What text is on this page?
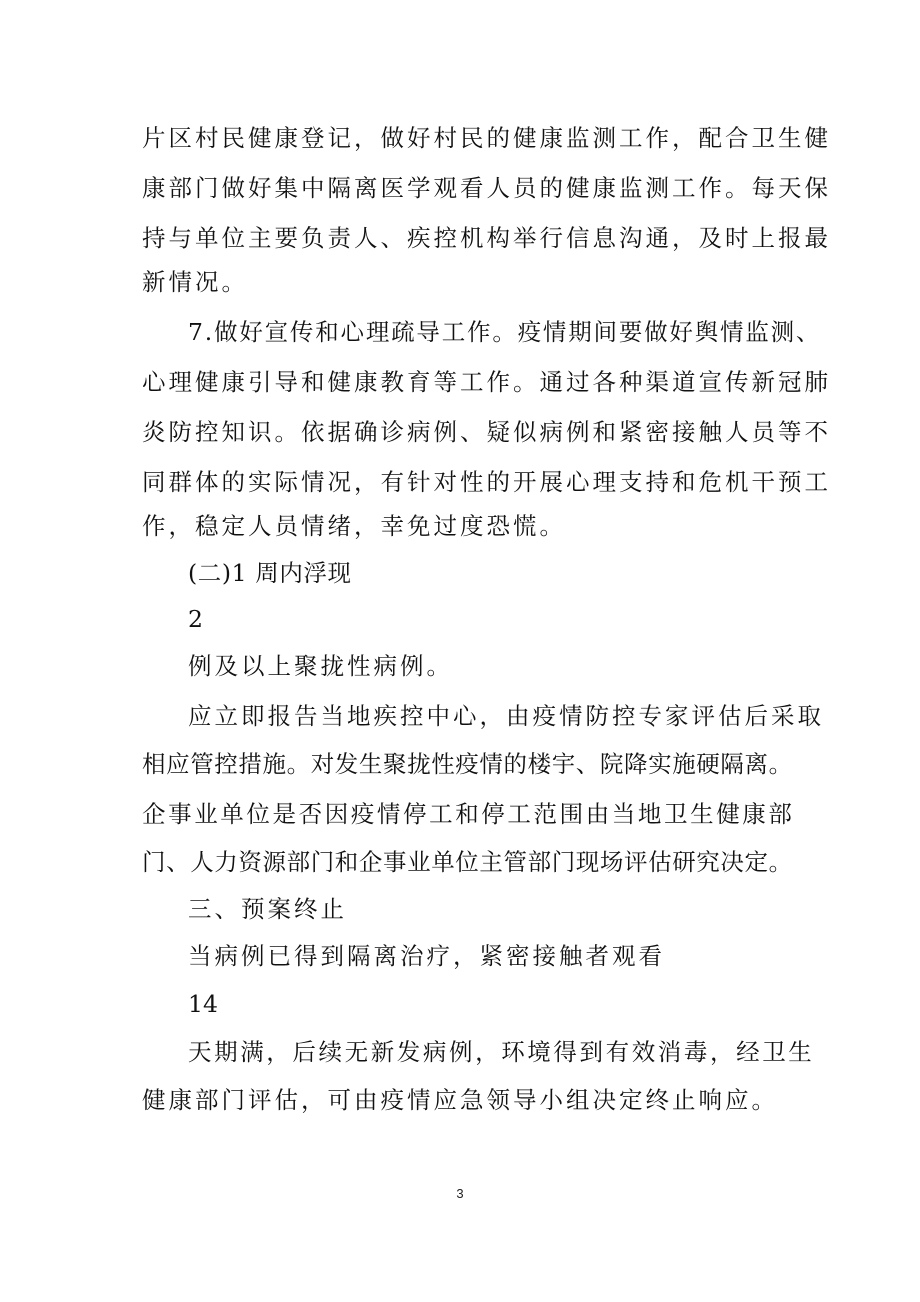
片区村民健康登记，做好村民的健康监测工作，配合卫生健

康部门做好集中隔离医学观看人员的健康监测工作。每天保

持与单位主要负责人、疾控机构举行信息沟通，及时上报最

新情况。

7.做好宣传和心理疏导工作。疫情期间要做好舆情监测、

心理健康引导和健康教育等工作。通过各种渠道宣传新冠肺

炎防控知识。依据确诊病例、疑似病例和紧密接触人员等不

同群体的实际情况，有针对性的开展心理支持和危机干预工

作，稳定人员情绪，幸免过度恐慌。

(二)1 周内浮现

2

例及以上聚拢性病例。

应立即报告当地疾控中心，由疫情防控专家评估后采取

相应管控措施。对发生聚拢性疫情的楼宇、院降实施硬隔离。

企事业单位是否因疫情停工和停工范围由当地卫生健康部

门、人力资源部门和企事业单位主管部门现场评估研究决定。

三、预案终止

当病例已得到隔离治疗，紧密接触者观看

14

天期满，后续无新发病例，环境得到有效消毒，经卫生

健康部门评估，可由疫情应急领导小组决定终止响应。

3
